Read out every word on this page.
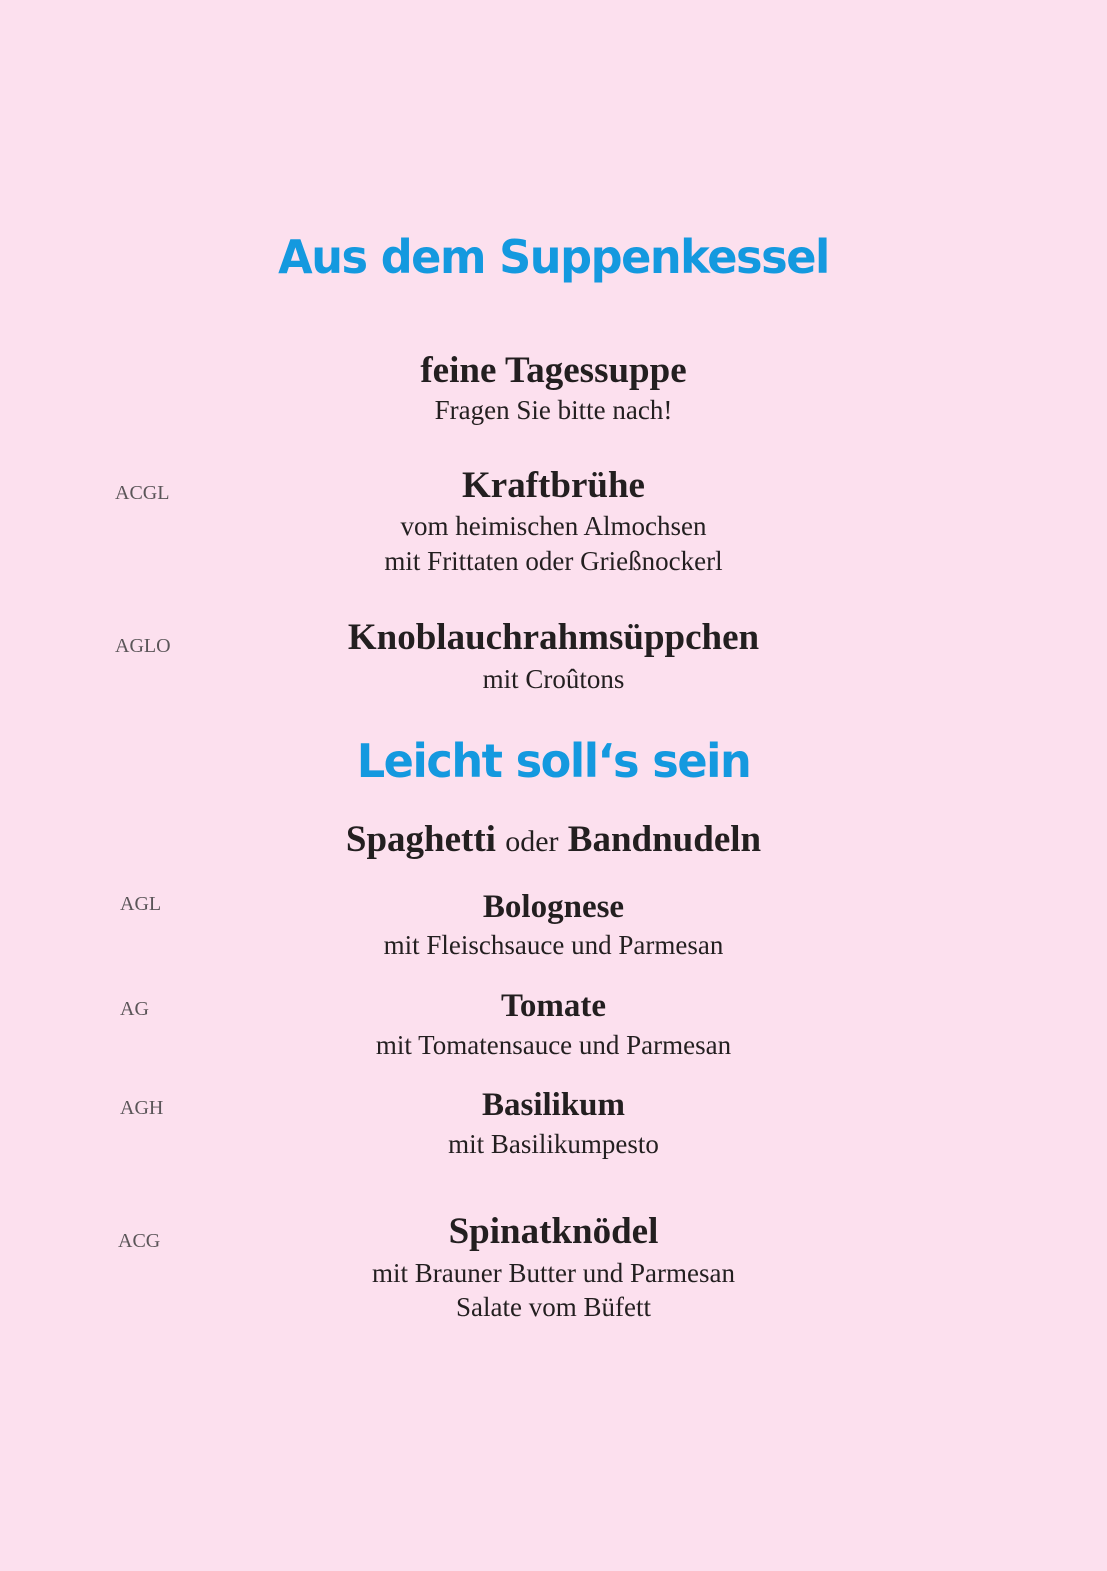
Aus dem Suppenkessel
feine Tagessuppe
Fragen Sie bitte nach!
ACGL	Kraftbrühe
vom heimischen Almochsen
mit Frittaten oder Grießnockerl
AGLO	Knoblauchrahmsüppchen
mit Croûtons
Leicht soll‘s sein
Spaghetti oder Bandnudeln
AGL	Bolognese
mit Fleischsauce und Parmesan
AG	Tomate
mit Tomatensauce und Parmesan
AGH	Basilikum
mit Basilikumpesto
ACG	Spinatknödel
mit Brauner Butter und Parmesan
Salate vom Büfett
